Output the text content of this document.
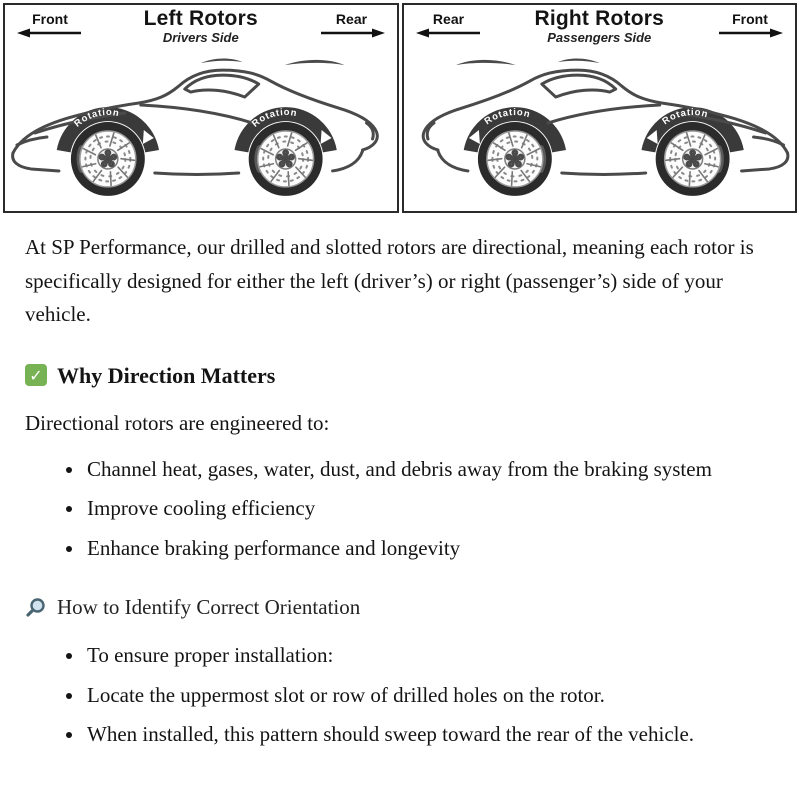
Front	Left Rotors
Drivers Side
Rear
Rotation
Rotation
Rear	Right Rotors
Passengers Side
Front
Rotation
Rotation

At SP Performance, our drilled and slotted rotors are directional, meaning each rotor is specifically designed for either the left (driver’s) or right (passenger’s) side of your vehicle.

✓ Why Direction Matters

Directional rotors are engineered to:

• Channel heat, gases, water, dust, and debris away from the braking system
• Improve cooling efficiency
• Enhance braking performance and longevity
How to Identify Correct Orientation
• To ensure proper installation:
• Locate the uppermost slot or row of drilled holes on the rotor.
• When installed, this pattern should sweep toward the rear of the vehicle.
